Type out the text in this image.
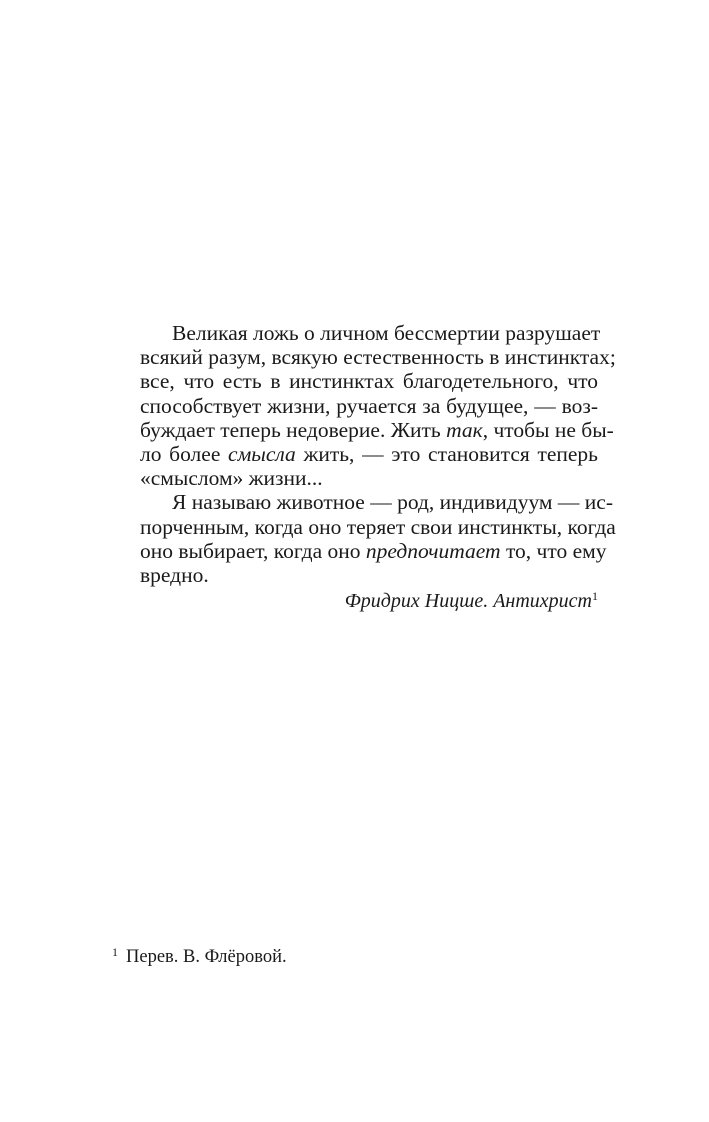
Великая ложь о личном бессмертии разрушает
всякий разум, всякую естественность в инстинктах;
все, что есть в инстинктах благодетельного, что
способствует жизни, ручается за будущее, — воз-
буждает теперь недоверие. Жить так, чтобы не бы-
ло более смысла жить, — это становится теперь
«смыслом» жизни...

Я называю животное — род, индивидуум — ис-
порченным, когда оно теряет свои инстинкты, когда
оно выбирает, когда оно предпочитает то, что ему
вредно.

Фридрих Ницше. Антихрист$^1$
$^1$ Перев. В. Флёровой.
